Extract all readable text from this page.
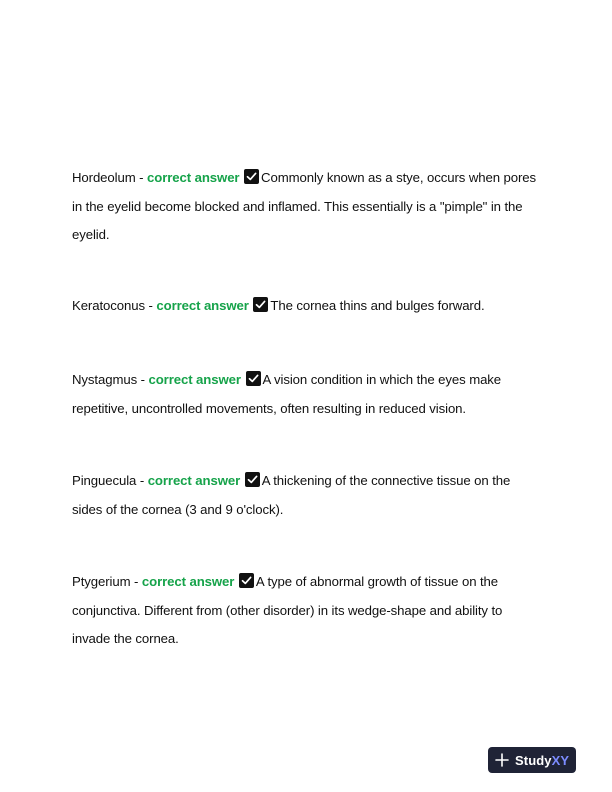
Hordeolum - correct answer Commonly known as a stye, occurs when pores in the eyelid become blocked and inflamed. This essentially is a "pimple" in the eyelid.
Keratoconus - correct answer The cornea thins and bulges forward.
Nystagmus - correct answer A vision condition in which the eyes make repetitive, uncontrolled movements, often resulting in reduced vision.
Pinguecula - correct answer A thickening of the connective tissue on the sides of the cornea (3 and 9 o'clock).
Ptygerium - correct answer A type of abnormal growth of tissue on the conjunctiva. Different from (other disorder) in its wedge-shape and ability to invade the cornea.
StudyXY
